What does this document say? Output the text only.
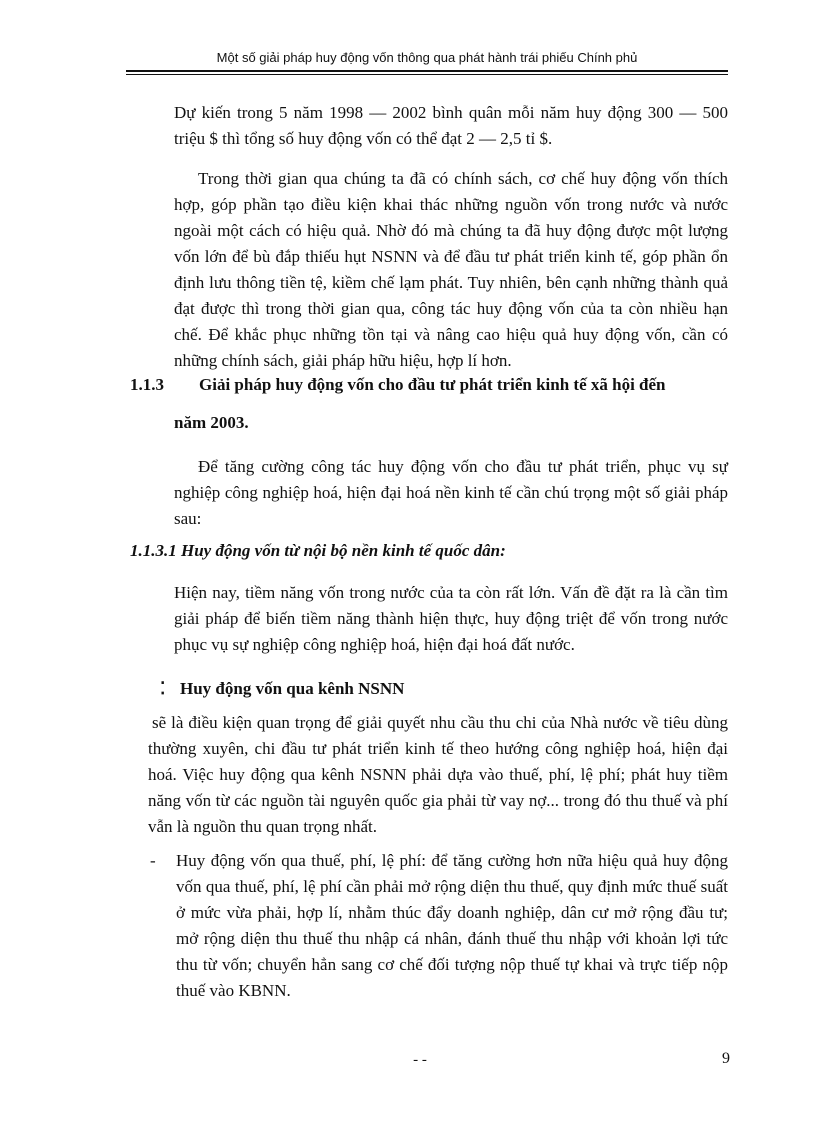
Một số giải pháp huy động vốn thông qua phát hành trái phiếu Chính phủ

Dự kiến trong 5 năm 1998 — 2002 bình quân mỗi năm huy động 300 — 500 triệu $ thì tổng số huy động vốn có thể đạt 2 — 2,5 tỉ $.

Trong thời gian qua chúng ta đã có chính sách, cơ chế huy động vốn thích hợp, góp phần tạo điều kiện khai thác những nguồn vốn trong nước và nước ngoài một cách có hiệu quả. Nhờ đó mà chúng ta đã huy động được một lượng vốn lớn để bù đắp thiếu hụt NSNN và để đầu tư phát triển kinh tế, góp phần ổn định lưu thông tiền tệ, kiềm chế lạm phát. Tuy nhiên, bên cạnh những thành quả đạt được thì trong thời gian qua, công tác huy động vốn của ta còn nhiều hạn chế. Để khắc phục những tồn tại và nâng cao hiệu quả huy động vốn, cần có những chính sách, giải pháp hữu hiệu, hợp lí hơn.

1.1.3 Giải pháp huy động vốn cho đầu tư phát triển kinh tế xã hội đến
năm 2003.

Để tăng cường công tác huy động vốn cho đầu tư phát triển, phục vụ sự nghiệp công nghiệp hoá, hiện đại hoá nền kinh tế cần chú trọng một số giải pháp sau:

1.1.3.1 Huy động vốn từ nội bộ nền kinh tế quốc dân:

Hiện nay, tiềm năng vốn trong nước của ta còn rất lớn. Vấn đề đặt ra là cần tìm giải pháp để biến tiềm năng thành hiện thực, huy động triệt để vốn trong nước phục vụ sự nghiệp công nghiệp hoá, hiện đại hoá đất nước.

⁚ Huy động vốn qua kênh NSNN

sẽ là điều kiện quan trọng để giải quyết nhu cầu thu chi của Nhà nước về tiêu dùng thường xuyên, chi đầu tư phát triển kinh tế theo hướng công nghiệp hoá, hiện đại hoá. Việc huy động qua kênh NSNN phải dựa vào thuế, phí, lệ phí; phát huy tiềm năng vốn từ các nguồn tài nguyên quốc gia phải từ vay nợ... trong đó thu thuế và phí vẫn là nguồn thu quan trọng nhất.

- Huy động vốn qua thuế, phí, lệ phí: để tăng cường hơn nữa hiệu quả huy động vốn qua thuế, phí, lệ phí cần phải mở rộng diện thu thuế, quy định mức thuế suất ở mức vừa phải, hợp lí, nhằm thúc đẩy doanh nghiệp, dân cư mở rộng đầu tư; mở rộng diện thu thuế thu nhập cá nhân, đánh thuế thu nhập với khoản lợi tức thu từ vốn; chuyển hẳn sang cơ chế đối tượng nộp thuế tự khai và trực tiếp nộp thuế vào KBNN.

- -	9
